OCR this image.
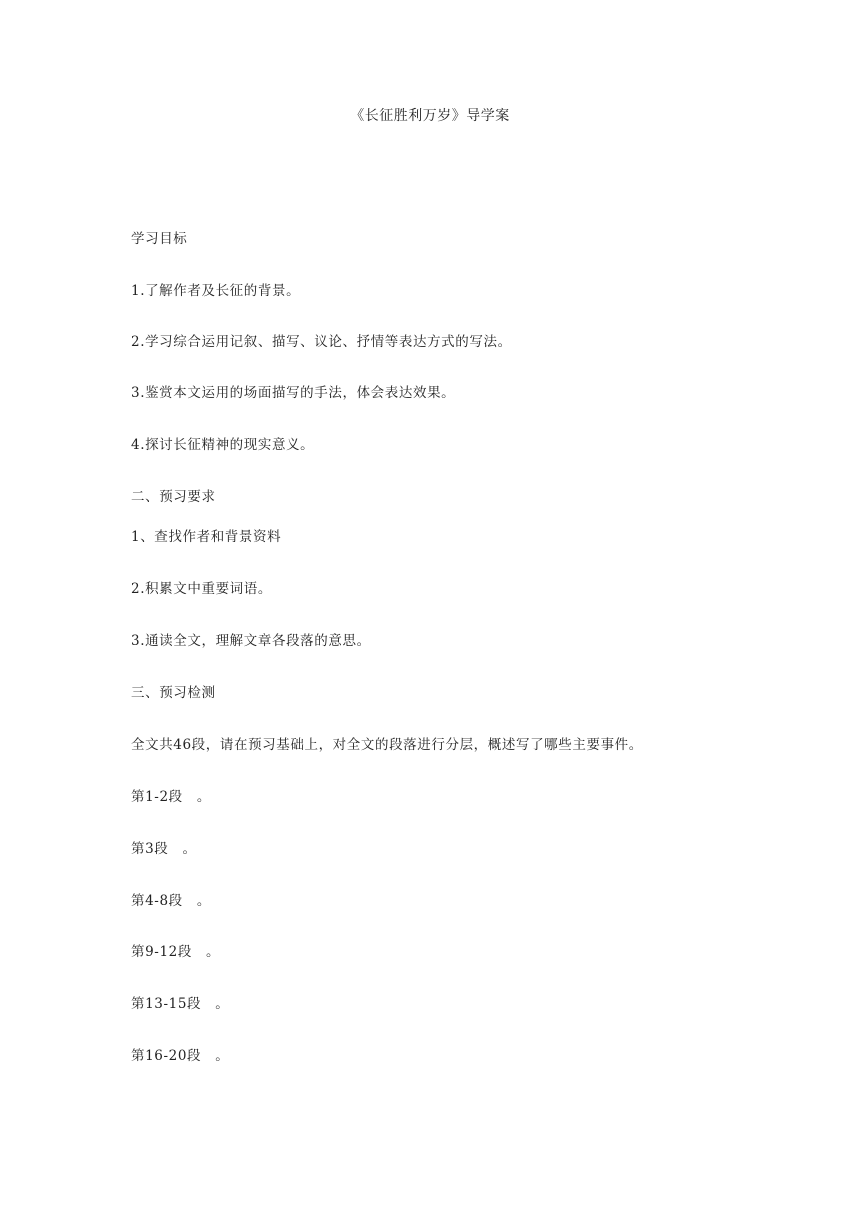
《长征胜利万岁》导学案
学习目标
1.了解作者及长征的背景。
2.学习综合运用记叙、描写、议论、抒情等表达方式的写法。
3.鉴赏本文运用的场面描写的手法，体会表达效果。
4.探讨长征精神的现实意义。
二、预习要求
1、查找作者和背景资料
2.积累文中重要词语。
3.通读全文，理解文章各段落的意思。
三、预习检测
全文共46段，请在预习基础上，对全文的段落进行分层，概述写了哪些主要事件。
第1-2段　。
第3段　。
第4-8段　。
第9-12段　。
第13-15段　。
第16-20段　。
